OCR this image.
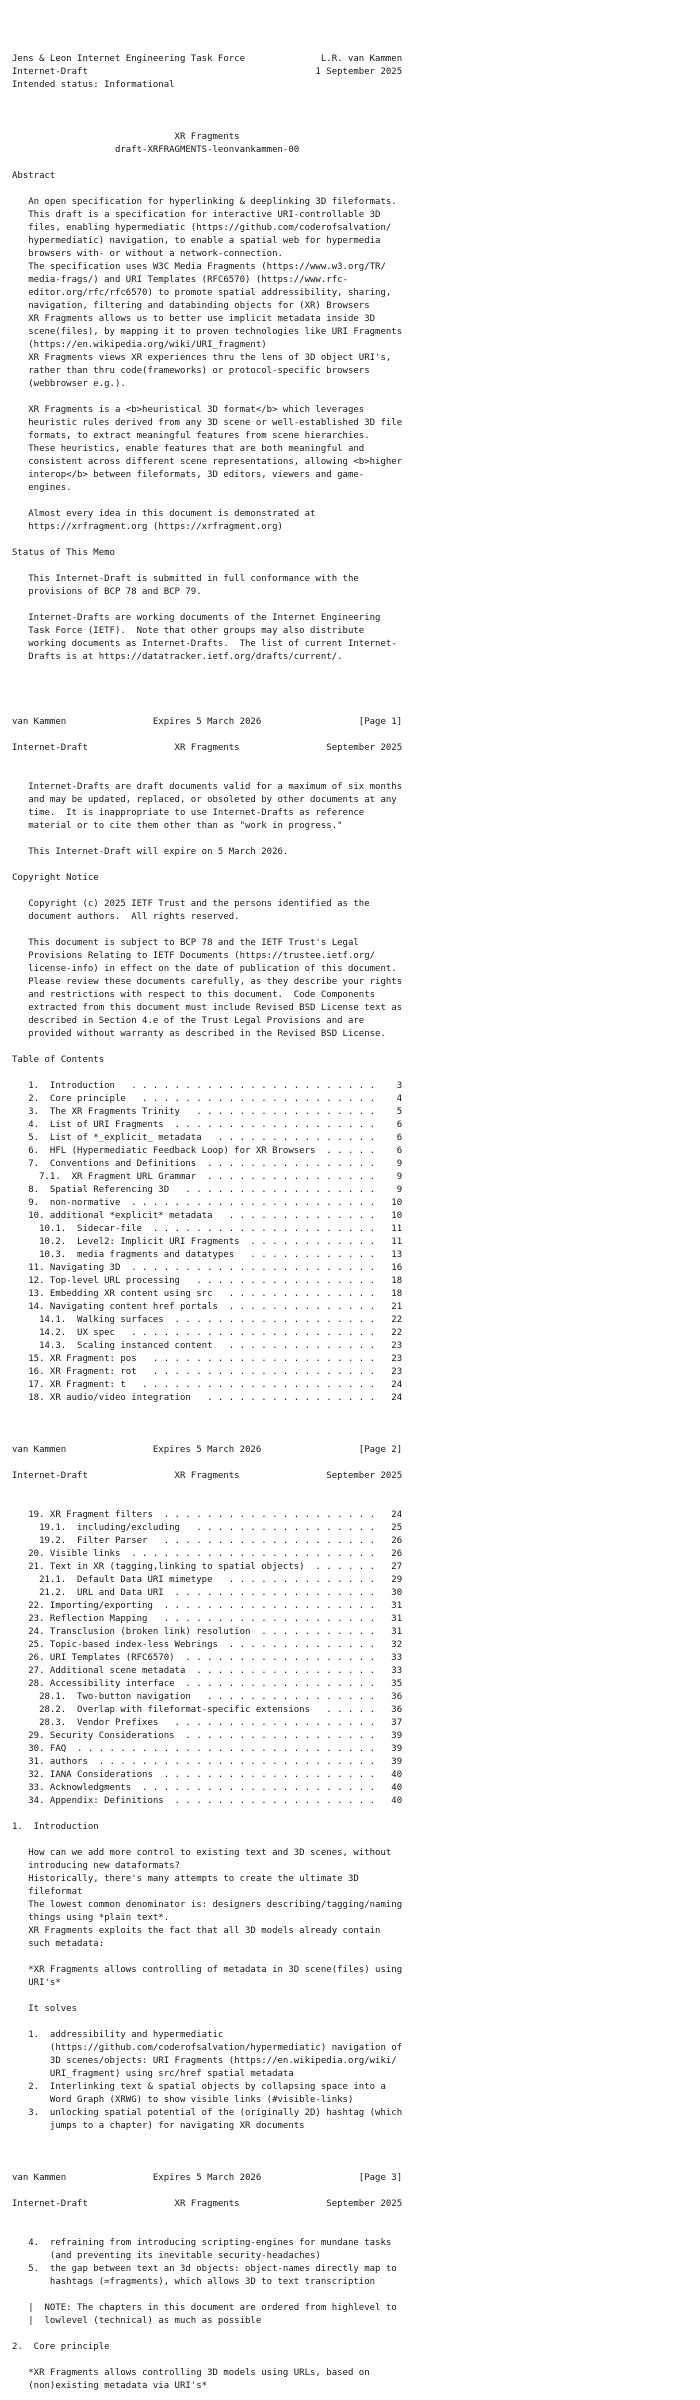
Jens & Leon Internet Engineering Task Force              L.R. van Kammen
Internet-Draft                                          1 September 2025
Intended status: Informational

XR Fragments
draft-XRFRAGMENTS-leonvankammen-00

Abstract

An open specification for hyperlinking & deeplinking 3D fileformats.
This draft is a specification for interactive URI-controllable 3D
files, enabling hypermediatic (https://github.com/coderofsalvation/
hypermediatic) navigation, to enable a spatial web for hypermedia
browsers with- or without a network-connection.
The specification uses W3C Media Fragments (https://www.w3.org/TR/
media-frags/) and URI Templates (RFC6570) (https://www.rfc-
editor.org/rfc/rfc6570) to promote spatial addressibility, sharing,
navigation, filtering and databinding objects for (XR) Browsers
XR Fragments allows us to better use implicit metadata inside 3D
scene(files), by mapping it to proven technologies like URI Fragments
(https://en.wikipedia.org/wiki/URI_fragment)
XR Fragments views XR experiences thru the lens of 3D object URI's,
rather than thru code(frameworks) or protocol-specific browsers
(webbrowser e.g.).

XR Fragments is a <b>heuristical 3D format</b> which leverages
heuristic rules derived from any 3D scene or well-established 3D file
formats, to extract meaningful features from scene hierarchies.
These heuristics, enable features that are both meaningful and
consistent across different scene representations, allowing <b>higher
interop</b> between fileformats, 3D editors, viewers and game-
engines.

Almost every idea in this document is demonstrated at
https://xrfragment.org (https://xrfragment.org)

Status of This Memo

This Internet-Draft is submitted in full conformance with the
provisions of BCP 78 and BCP 79.

Internet-Drafts are working documents of the Internet Engineering
Task Force (IETF).  Note that other groups may also distribute
working documents as Internet-Drafts.  The list of current Internet-
Drafts is at https://datatracker.ietf.org/drafts/current/.

van Kammen                Expires 5 March 2026                  [Page 1]

Internet-Draft                XR Fragments                September 2025

Internet-Drafts are draft documents valid for a maximum of six months
and may be updated, replaced, or obsoleted by other documents at any
time.  It is inappropriate to use Internet-Drafts as reference
material or to cite them other than as "work in progress."

This Internet-Draft will expire on 5 March 2026.

Copyright Notice

Copyright (c) 2025 IETF Trust and the persons identified as the
document authors.  All rights reserved.

This document is subject to BCP 78 and the IETF Trust's Legal
Provisions Relating to IETF Documents (https://trustee.ietf.org/
license-info) in effect on the date of publication of this document.
Please review these documents carefully, as they describe your rights
and restrictions with respect to this document.  Code Components
extracted from this document must include Revised BSD License text as
described in Section 4.e of the Trust Legal Provisions and are
provided without warranty as described in the Revised BSD License.

Table of Contents

1.  Introduction   . . . . . . . . . . . . . . . . . . . . . . .    3
2.  Core principle   . . . . . . . . . . . . . . . . . . . . . .    4
3.  The XR Fragments Trinity   . . . . . . . . . . . . . . . . .    5
4.  List of URI Fragments  . . . . . . . . . . . . . . . . . . .    6
5.  List of *_explicit_ metadata   . . . . . . . . . . . . . . .    6
6.  HFL (Hypermediatic Feedback Loop) for XR Browsers  . . . . .    6
7.  Conventions and Definitions  . . . . . . . . . . . . . . . .    9
7.1.  XR Fragment URL Grammar  . . . . . . . . . . . . . . . .    9
8.  Spatial Referencing 3D   . . . . . . . . . . . . . . . . . .    9
9.  non-normative  . . . . . . . . . . . . . . . . . . . . . . .   10
10. additional *explicit* metadata   . . . . . . . . . . . . . .   10
10.1.  Sidecar-file  . . . . . . . . . . . . . . . . . . . . .   11
10.2.  Level2: Implicit URI Fragments  . . . . . . . . . . . .   11
10.3.  media fragments and datatypes   . . . . . . . . . . . .   13
11. Navigating 3D  . . . . . . . . . . . . . . . . . . . . . . .   16
12. Top-level URL processing   . . . . . . . . . . . . . . . . .   18
13. Embedding XR content using src   . . . . . . . . . . . . . .   18
14. Navigating content href portals  . . . . . . . . . . . . . .   21
14.1.  Walking surfaces  . . . . . . . . . . . . . . . . . . .   22
14.2.  UX spec   . . . . . . . . . . . . . . . . . . . . . . .   22
14.3.  Scaling instanced content   . . . . . . . . . . . . . .   23
15. XR Fragment: pos   . . . . . . . . . . . . . . . . . . . . .   23
16. XR Fragment: rot   . . . . . . . . . . . . . . . . . . . . .   23
17. XR Fragment: t   . . . . . . . . . . . . . . . . . . . . . .   24
18. XR audio/video integration   . . . . . . . . . . . . . . . .   24

van Kammen                Expires 5 March 2026                  [Page 2]

Internet-Draft                XR Fragments                September 2025

19. XR Fragment filters  . . . . . . . . . . . . . . . . . . . .   24
19.1.  including/excluding   . . . . . . . . . . . . . . . . .   25
19.2.  Filter Parser   . . . . . . . . . . . . . . . . . . . .   26
20. Visible links  . . . . . . . . . . . . . . . . . . . . . . .   26
21. Text in XR (tagging,linking to spatial objects)  . . . . . .   27
21.1.  Default Data URI mimetype   . . . . . . . . . . . . . .   29
21.2.  URL and Data URI  . . . . . . . . . . . . . . . . . . .   30
22. Importing/exporting  . . . . . . . . . . . . . . . . . . . .   31
23. Reflection Mapping   . . . . . . . . . . . . . . . . . . . .   31
24. Transclusion (broken link) resolution  . . . . . . . . . . .   31
25. Topic-based index-less Webrings  . . . . . . . . . . . . . .   32
26. URI Templates (RFC6570)  . . . . . . . . . . . . . . . . . .   33
27. Additional scene metadata  . . . . . . . . . . . . . . . . .   33
28. Accessibility interface  . . . . . . . . . . . . . . . . . .   35
28.1.  Two-button navigation   . . . . . . . . . . . . . . . .   36
28.2.  Overlap with fileformat-specific extensions   . . . . .   36
28.3.  Vendor Prefixes   . . . . . . . . . . . . . . . . . . .   37
29. Security Considerations  . . . . . . . . . . . . . . . . . .   39
30. FAQ  . . . . . . . . . . . . . . . . . . . . . . . . . . . .   39
31. authors  . . . . . . . . . . . . . . . . . . . . . . . . . .   39
32. IANA Considerations  . . . . . . . . . . . . . . . . . . . .   40
33. Acknowledgments  . . . . . . . . . . . . . . . . . . . . . .   40
34. Appendix: Definitions  . . . . . . . . . . . . . . . . . . .   40

1.  Introduction

How can we add more control to existing text and 3D scenes, without
introducing new dataformats?
Historically, there's many attempts to create the ultimate 3D
fileformat
The lowest common denominator is: designers describing/tagging/naming
things using *plain text*.
XR Fragments exploits the fact that all 3D models already contain
such metadata:

*XR Fragments allows controlling of metadata in 3D scene(files) using
URI's*

It solves

1.  addressibility and hypermediatic
(https://github.com/coderofsalvation/hypermediatic) navigation of
3D scenes/objects: URI Fragments (https://en.wikipedia.org/wiki/
URI_fragment) using src/href spatial metadata
2.  Interlinking text & spatial objects by collapsing space into a
Word Graph (XRWG) to show visible links (#visible-links)
3.  unlocking spatial potential of the (originally 2D) hashtag (which
jumps to a chapter) for navigating XR documents

van Kammen                Expires 5 March 2026                  [Page 3]

Internet-Draft                XR Fragments                September 2025

4.  refraining from introducing scripting-engines for mundane tasks
(and preventing its inevitable security-headaches)
5.  the gap between text an 3d objects: object-names directly map to
hashtags (=fragments), which allows 3D to text transcription

|  NOTE: The chapters in this document are ordered from highlevel to
|  lowlevel (technical) as much as possible

2.  Core principle

*XR Fragments allows controlling 3D models using URLs, based on
(non)existing metadata via URI's*
